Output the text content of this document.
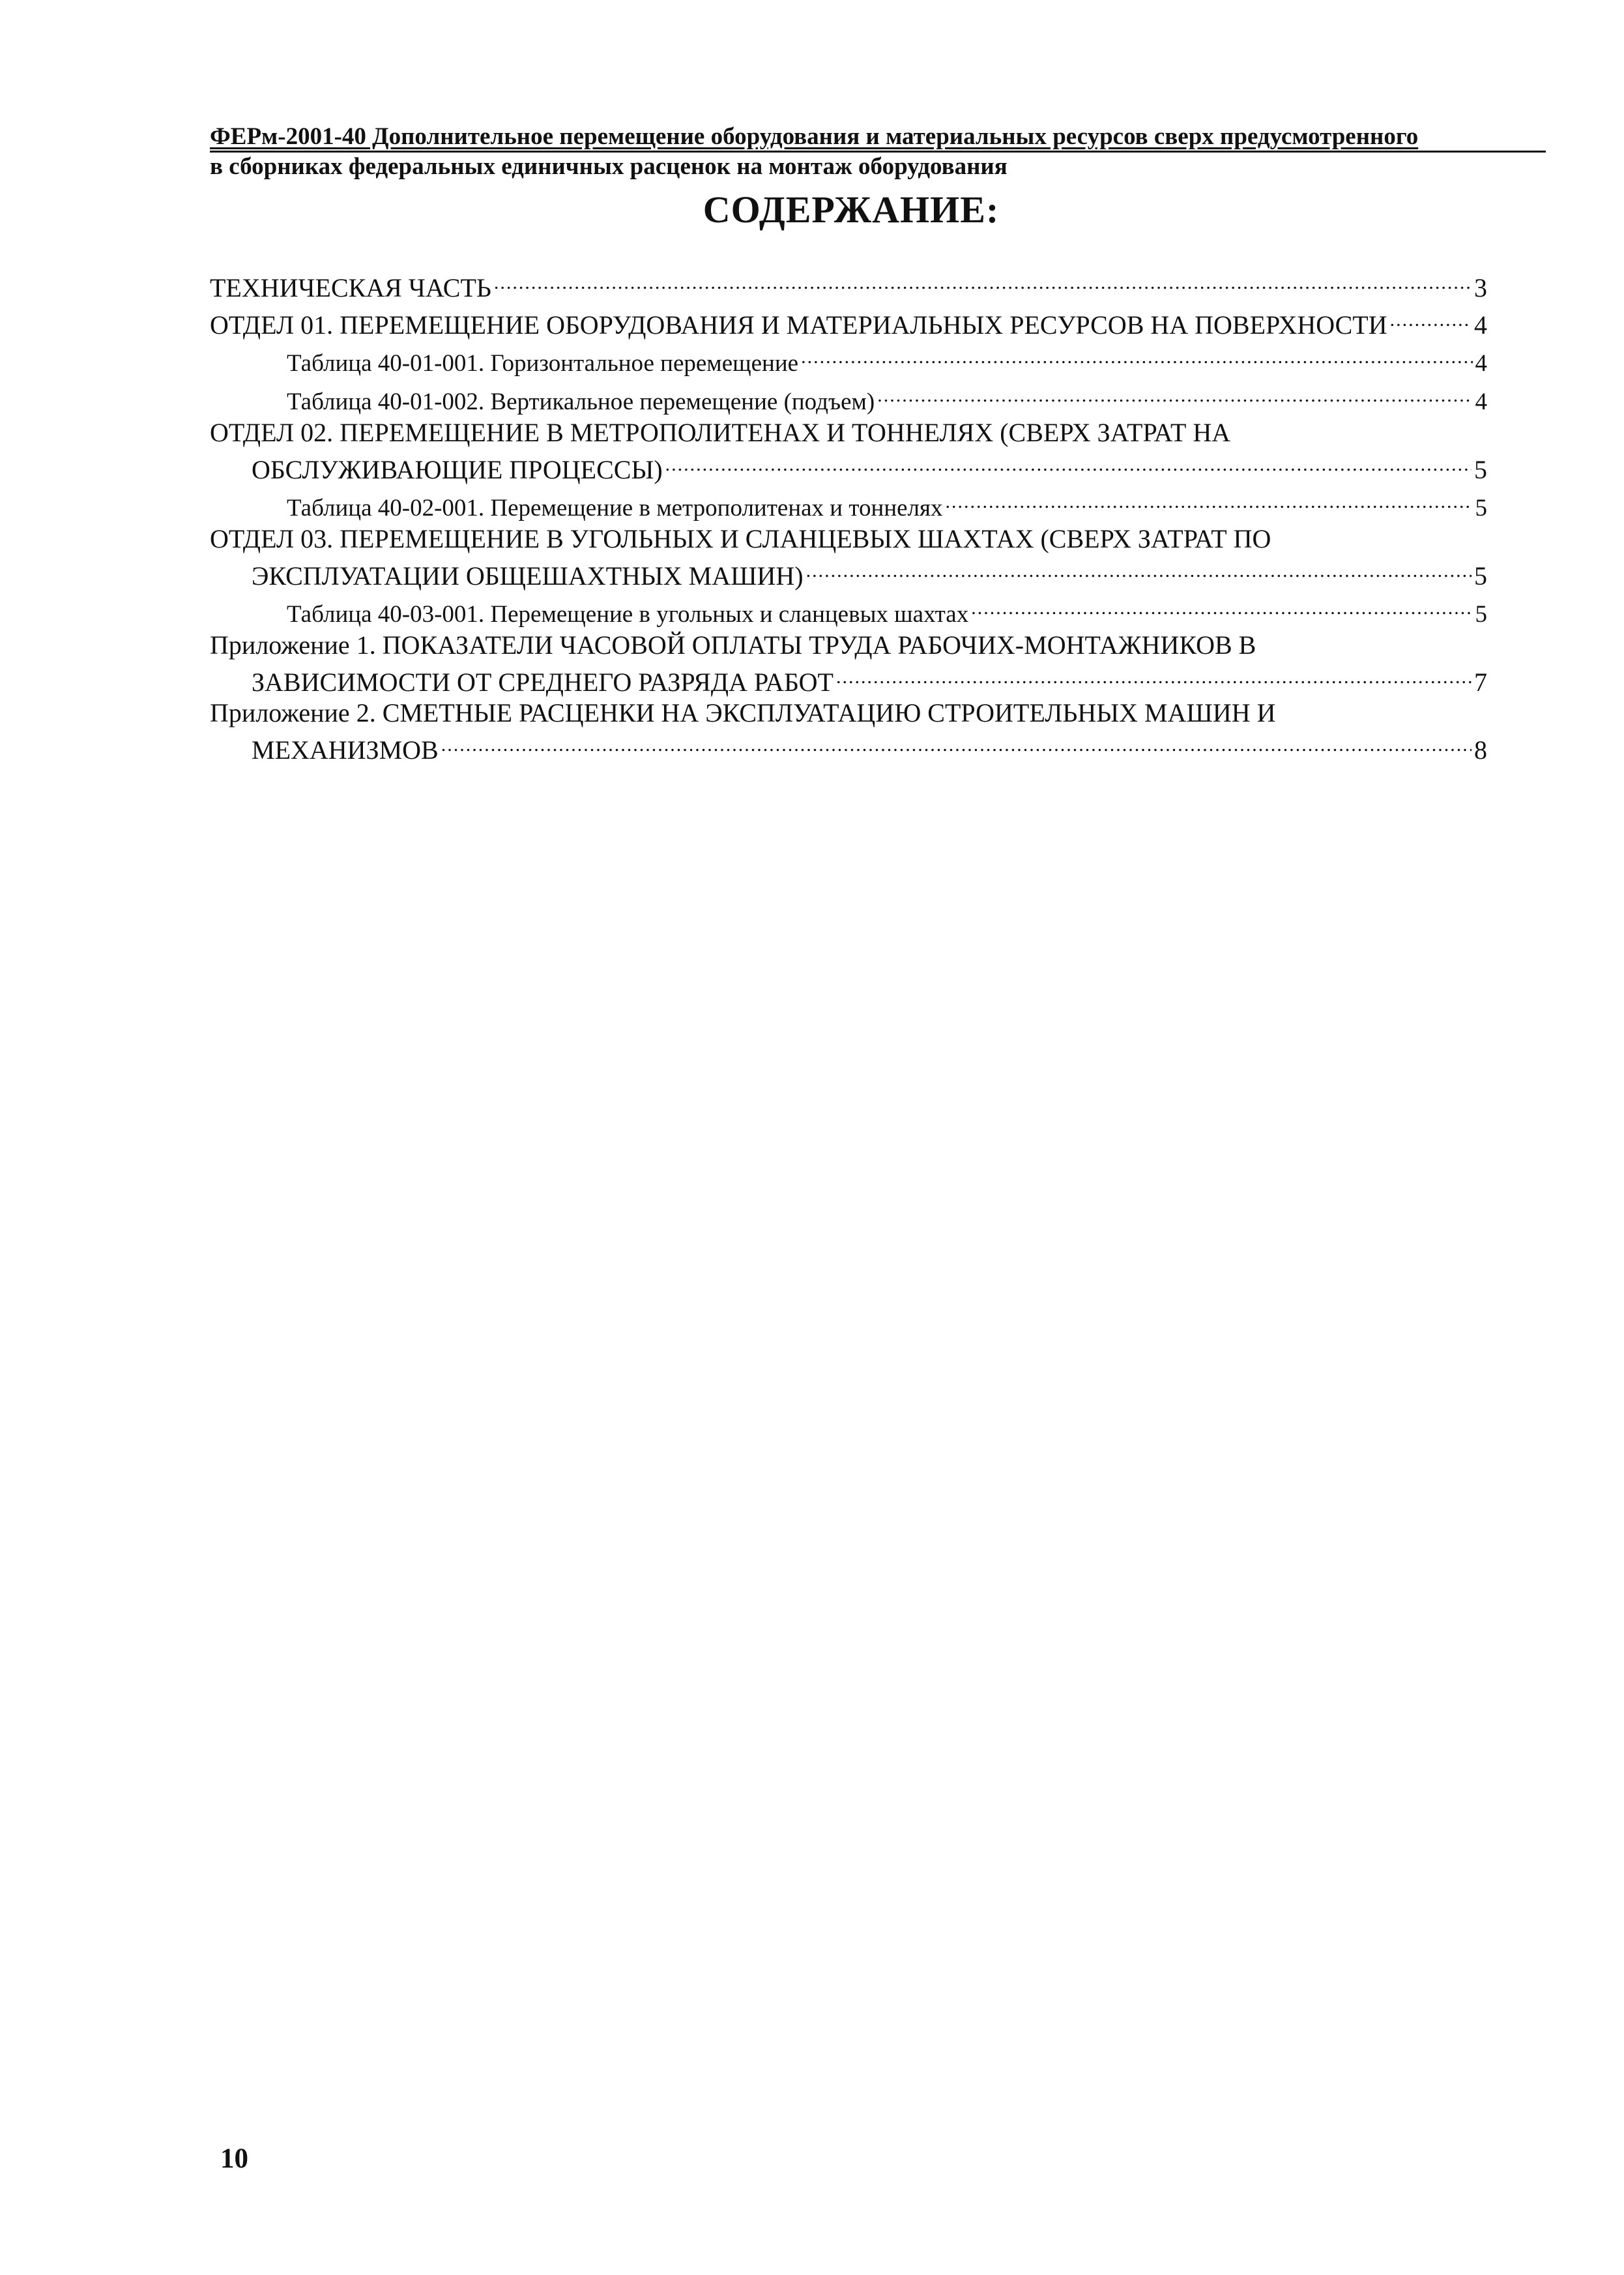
ФЕРм-2001-40 Дополнительное перемещение оборудования и материальных ресурсов сверх предусмотренного
в сборниках федеральных единичных расценок на монтаж оборудования
СОДЕРЖАНИЕ:
ТЕХНИЧЕСКАЯ ЧАСТЬ .....	3
ОТДЕЛ 01. ПЕРЕМЕЩЕНИЕ ОБОРУДОВАНИЯ И МАТЕРИАЛЬНЫХ РЕСУРСОВ НА ПОВЕРХНОСТИ .....	4
Таблица 40-01-001. Горизонтальное перемещение .....	4
Таблица 40-01-002. Вертикальное перемещение (подъем) .....	4
ОТДЕЛ 02. ПЕРЕМЕЩЕНИЕ В МЕТРОПОЛИТЕНАХ И ТОННЕЛЯХ (СВЕРХ ЗАТРАТ НА
ОБСЛУЖИВАЮЩИЕ ПРОЦЕССЫ) .....	5
Таблица 40-02-001. Перемещение в метрополитенах и тоннелях .....	5
ОТДЕЛ 03. ПЕРЕМЕЩЕНИЕ В УГОЛЬНЫХ И СЛАНЦЕВЫХ ШАХТАХ (СВЕРХ ЗАТРАТ ПО
ЭКСПЛУАТАЦИИ ОБЩЕШАХТНЫХ МАШИН) .....	5
Таблица 40-03-001. Перемещение в угольных и сланцевых шахтах .....	5
Приложение 1. ПОКАЗАТЕЛИ ЧАСОВОЙ ОПЛАТЫ ТРУДА РАБОЧИХ-МОНТАЖНИКОВ В
ЗАВИСИМОСТИ ОТ СРЕДНЕГО РАЗРЯДА РАБОТ .....	7
Приложение 2. СМЕТНЫЕ РАСЦЕНКИ НА ЭКСПЛУАТАЦИЮ СТРОИТЕЛЬНЫХ МАШИН И
МЕХАНИЗМОВ .....	8
10
